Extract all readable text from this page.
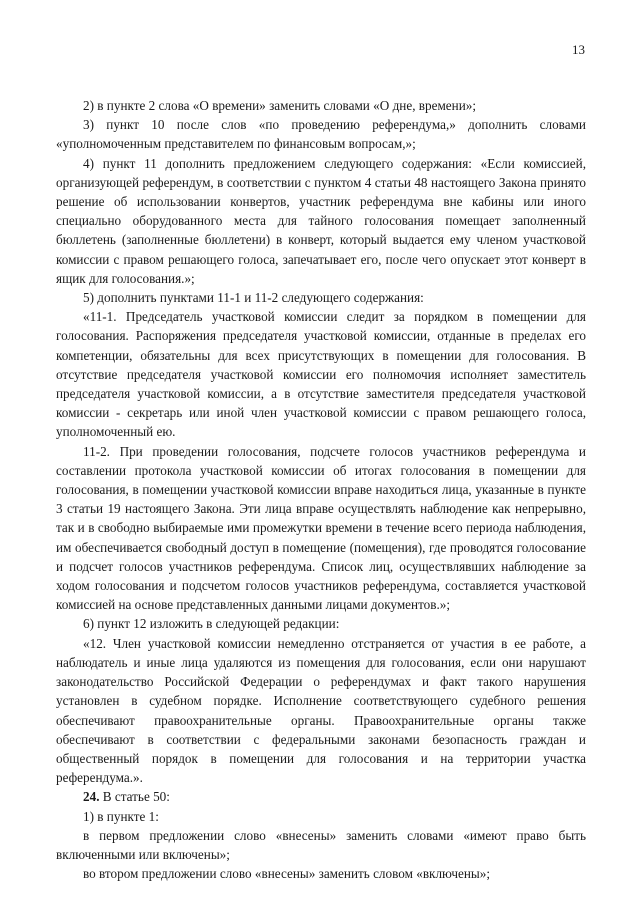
13

2) в пункте 2 слова «О времени» заменить словами «О дне, времени»;

3) пункт 10 после слов «по проведению референдума,» дополнить словами «уполномоченным представителем по финансовым вопросам,»;

4) пункт 11 дополнить предложением следующего содержания: «Если комиссией, организующей референдум, в соответствии с пунктом 4 статьи 48 настоящего Закона принято решение об использовании конвертов, участник референдума вне кабины или иного специально оборудованного места для тайного голосования помещает заполненный бюллетень (заполненные бюллетени) в конверт, который выдается ему членом участковой комиссии с правом решающего голоса, запечатывает его, после чего опускает этот конверт в ящик для голосования.»;

5) дополнить пунктами 11-1 и 11-2 следующего содержания:

«11-1. Председатель участковой комиссии следит за порядком в помещении для голосования. Распоряжения председателя участковой комиссии, отданные в пределах его компетенции, обязательны для всех присутствующих в помещении для голосования. В отсутствие председателя участковой комиссии его полномочия исполняет заместитель председателя участковой комиссии, а в отсутствие заместителя председателя участковой комиссии - секретарь или иной член участковой комиссии с правом решающего голоса, уполномоченный ею.

11-2. При проведении голосования, подсчете голосов участников референдума и составлении протокола участковой комиссии об итогах голосования в помещении для голосования, в помещении участковой комиссии вправе находиться лица, указанные в пункте 3 статьи 19 настоящего Закона. Эти лица вправе осуществлять наблюдение как непрерывно, так и в свободно выбираемые ими промежутки времени в течение всего периода наблюдения, им обеспечивается свободный доступ в помещение (помещения), где проводятся голосование и подсчет голосов участников референдума. Список лиц, осуществлявших наблюдение за ходом голосования и подсчетом голосов участников референдума, составляется участковой комиссией на основе представленных данными лицами документов.»;

6) пункт 12 изложить в следующей редакции:

«12. Член участковой комиссии немедленно отстраняется от участия в ее работе, а наблюдатель и иные лица удаляются из помещения для голосования, если они нарушают законодательство Российской Федерации о референдумах и факт такого нарушения установлен в судебном порядке. Исполнение соответствующего судебного решения обеспечивают правоохранительные органы. Правоохранительные органы также обеспечивают в соответствии с федеральными законами безопасность граждан и общественный порядок в помещении для голосования и на территории участка референдума.».

24. В статье 50:

1) в пункте 1:

в первом предложении слово «внесены» заменить словами «имеют право быть включенными или включены»;

во втором предложении слово «внесены» заменить словом «включены»;
